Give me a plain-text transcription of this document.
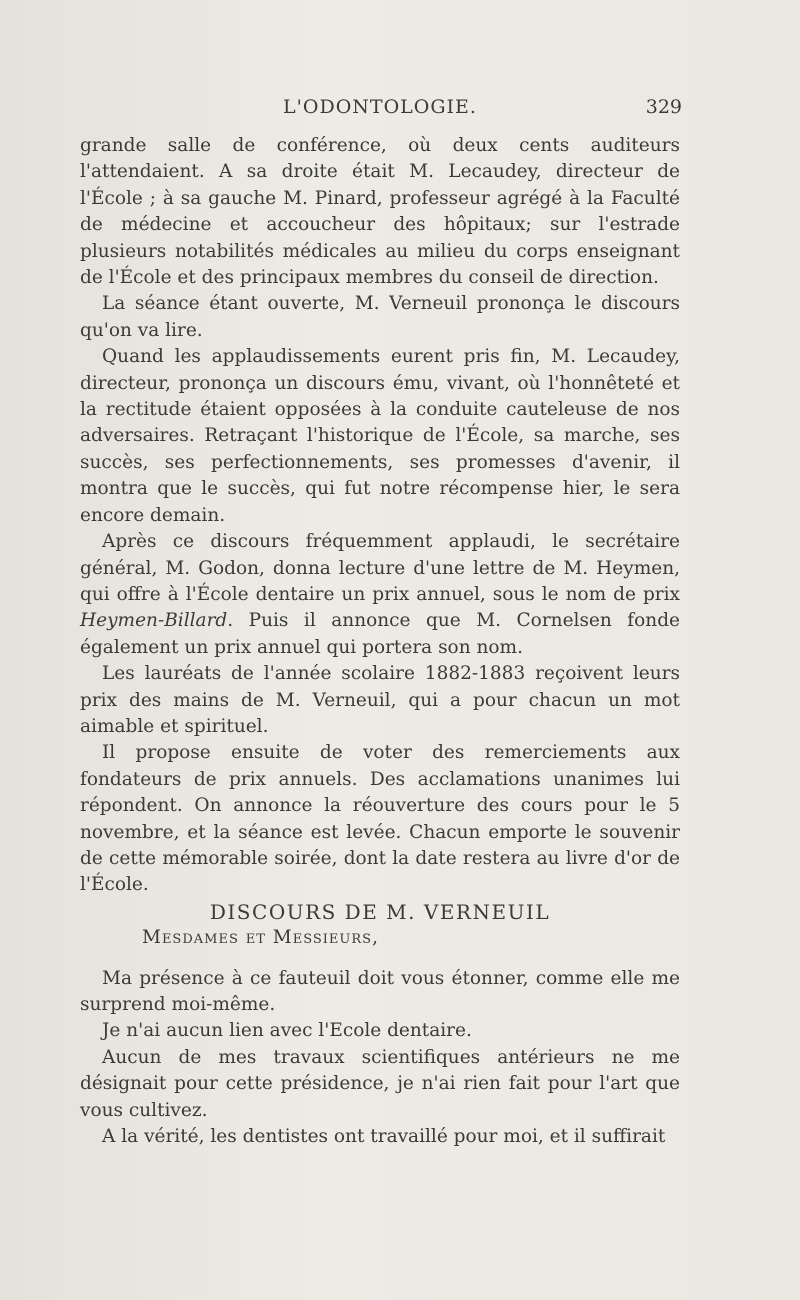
L'ODONTOLOGIE.	329

grande salle de conférence, où deux cents auditeurs l'attendaient. A sa droite était M. Lecaudey, directeur de l'École ; à sa gauche M. Pinard, professeur agrégé à la Faculté de médecine et accoucheur des hôpitaux; sur l'estrade plusieurs notabilités médicales au milieu du corps enseignant de l'École et des principaux membres du conseil de direction.

La séance étant ouverte, M. Verneuil prononça le discours qu'on va lire.

Quand les applaudissements eurent pris fin, M. Lecaudey, directeur, prononça un discours ému, vivant, où l'honnêteté et la rectitude étaient opposées à la conduite cauteleuse de nos adversaires. Retraçant l'historique de l'École, sa marche, ses succès, ses perfectionnements, ses promesses d'avenir, il montra que le succès, qui fut notre récompense hier, le sera encore demain.

Après ce discours fréquemment applaudi, le secrétaire général, M. Godon, donna lecture d'une lettre de M. Heymen, qui offre à l'École dentaire un prix annuel, sous le nom de prix Heymen-Billard. Puis il annonce que M. Cornelsen fonde également un prix annuel qui portera son nom.

Les lauréats de l'année scolaire 1882-1883 reçoivent leurs prix des mains de M. Verneuil, qui a pour chacun un mot aimable et spirituel.

Il propose ensuite de voter des remerciements aux fondateurs de prix annuels. Des acclamations unanimes lui répondent. On annonce la réouverture des cours pour le 5 novembre, et la séance est levée. Chacun emporte le souvenir de cette mémorable soirée, dont la date restera au livre d'or de l'École.

DISCOURS DE M. VERNEUIL

Mesdames et Messieurs,

Ma présence à ce fauteuil doit vous étonner, comme elle me surprend moi-même.

Je n'ai aucun lien avec l'Ecole dentaire.

Aucun de mes travaux scientifiques antérieurs ne me désignait pour cette présidence, je n'ai rien fait pour l'art que vous cultivez.

A la vérité, les dentistes ont travaillé pour moi, et il suffirait
